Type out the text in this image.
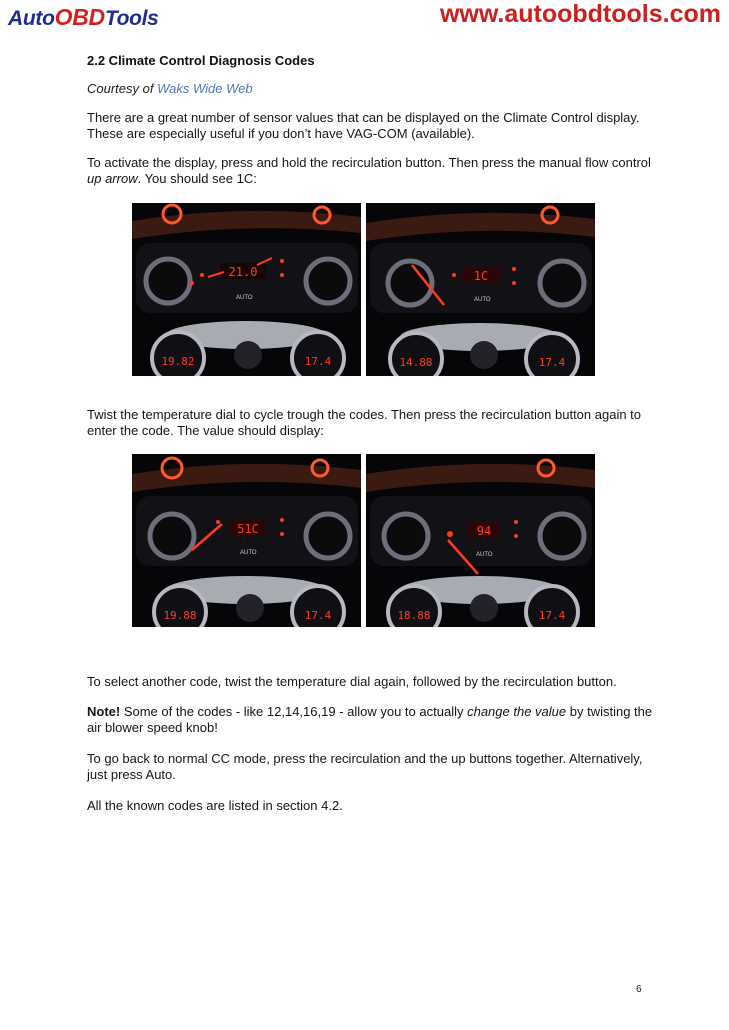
AutoOBDTools	www.autoobdtools.com
2.2 Climate Control Diagnosis Codes
Courtesy of Waks Wide Web
There are a great number of sensor values that can be displayed on the Climate Control display. These are especially useful if you don’t have VAG-COM (available).
To activate the display, press and hold the recirculation button. Then press the manual flow control up arrow. You should see 1C:
21.0
AUTO
19.82	17.4
1C
AUTO
14.88	17.4
Twist the temperature dial to cycle trough the codes. Then press the recirculation button again to enter the code. The value should display:
51C
AUTO
19.88	17.4
94
AUTO
18.88	17.4
To select another code, twist the temperature dial again, followed by the recirculation button.
Note! Some of the codes - like 12,14,16,19 - allow you to actually change the value by twisting the air blower speed knob!
To go back to normal CC mode, press the recirculation and the up buttons together. Alternatively, just press Auto.
All the known codes are listed in section 4.2.
6
